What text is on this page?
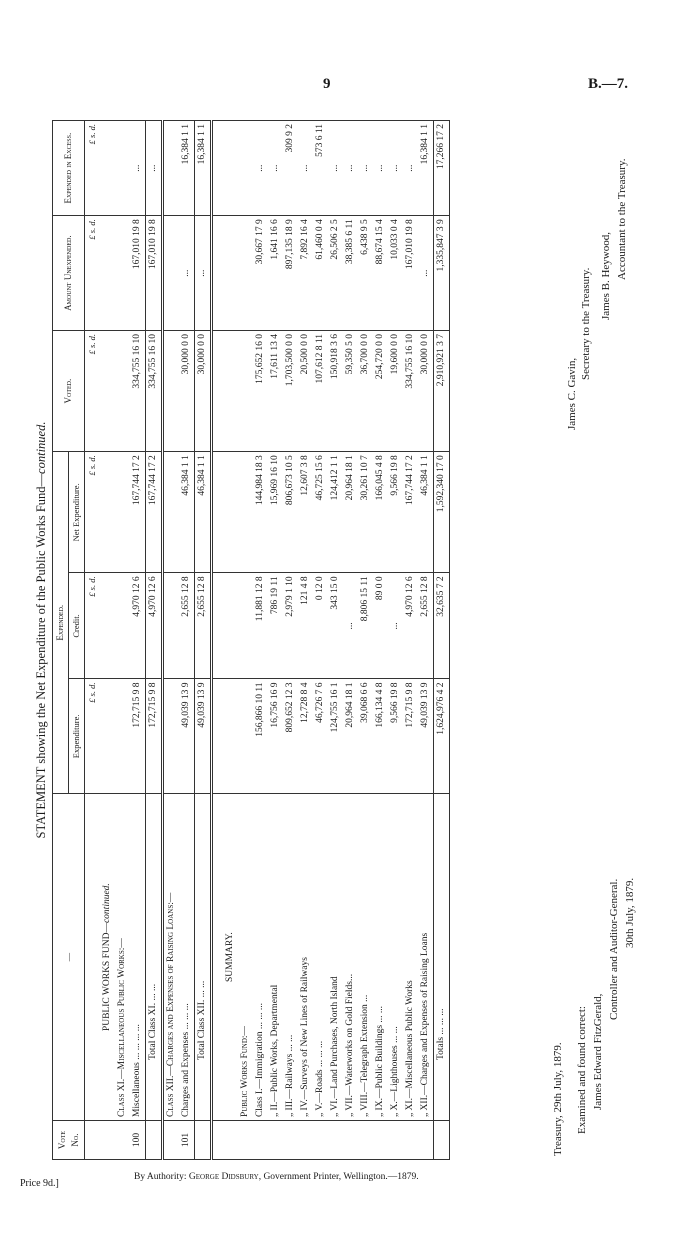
9	B.—7.
STATEMENT showing the Net Expenditure of the Public Works Fund—continued.
Vote No.	—	Expended.			Voted.	Amount Unexpended.	Expended in Excess.
		Expenditure.	Credit.	Net Expenditure.			
		£ s. d.	£ s. d.	£ s. d.	£ s. d.	£ s. d.	£ s. d.
	PUBLIC WORKS FUND—continued.						
	Class XI.—Miscellaneous Public Works:—						
100	Miscellaneous ... ... ... ...	172,715 9 8	4,970 12 6	167,744 17 2	334,755 16 10	167,010 19 8	...
	Total Class XI. ... ...	172,715 9 8	4,970 12 6	167,744 17 2	334,755 16 10	167,010 19 8	...
	Class XII.—Charges and Expenses of Raising Loans:—						
101	Charges and Expenses ... ... ...	49,039 13 9	2,655 12 8	46,384 1 1	30,000 0 0	...	16,384 1 1
	Total Class XII. ... ...	49,039 13 9	2,655 12 8	46,384 1 1	30,000 0 0	...	16,384 1 1

	SUMMARY.						
	Public Works Fund:—						
	Class I.—Immigration ... ... ...	156,866 10 11	11,881 12 8	144,984 18 3	175,652 16 0	30,667 17 9	...
	„ II.—Public Works, Departmental	16,756 16 9	786 19 11	15,969 16 10	17,611 13 4	1,641 16 6	...
	„ III.—Railways ... ...	809,652 12 3	2,979 1 10	806,673 10 5	1,703,500 0 0	897,135 18 9	309 9 2
	„ IV.—Surveys of New Lines of Railways	12,728 8 4	121 4 8	12,607 3 8	20,500 0 0	7,892 16 4	...
	„ V.—Roads ... ... ...	46,726 7 6	0 12 0	46,725 15 6	107,612 8 11	61,460 0 4	573 6 11
	„ VI.—Land Purchases, North Island	124,755 16 1	343 15 0	124,412 1 1	150,918 3 6	26,506 2 5	...
	„ VII.—Waterworks on Gold Fields...	20,964 18 1	...	20,964 18 1	59,350 5 0	38,385 6 11	...
	„ VIII.—Telegraph Extension ...	39,068 6 6	8,806 15 11	30,261 10 7	36,700 0 0	6,438 9 5	...
	„ IX.—Public Buildings ... ...	166,134 4 8	89 0 0	166,045 4 8	254,720 0 0	88,674 15 4	...
	„ X.—Lighthouses ... ...	9,566 19 8	...	9,566 19 8	19,600 0 0	10,033 0 4	...
	„ XI.—Miscellaneous Public Works	172,715 9 8	4,970 12 6	167,744 17 2	334,755 16 10	167,010 19 8	...
	„ XII.—Charges and Expenses of Raising Loans	49,039 13 9	2,655 12 8	46,384 1 1	30,000 0 0	...	16,384 1 1
	Totals ... ... ...	1,624,976 4 2	32,635 7 2	1,592,340 17 0	2,910,921 3 7	1,335,847 3 9	17,266 17 2
Treasury, 29th July, 1879. Examined and found correct: James Edward FitzGerald,
Controller and Auditor-General. 30th July, 1879.
James C. Gavin,
Secretary to the Treasury. James B. Heywood, Accountant to the Treasury.
By Authority: George Didsbury, Government Printer, Wellington.—1879.
Price 9d.]
